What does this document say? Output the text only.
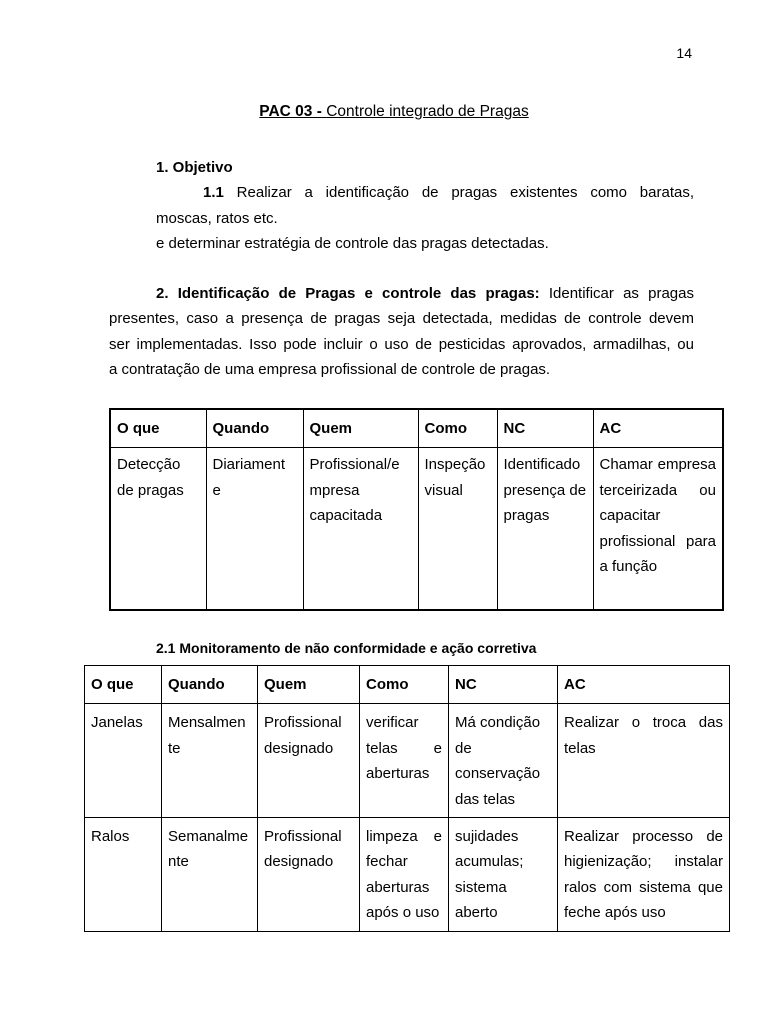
14
PAC 03 - Controle integrado de Pragas
1. Objetivo
1.1 Realizar a identificação de pragas existentes como baratas,
moscas, ratos etc.
e determinar estratégia de controle das pragas detectadas.
2. Identificação de Pragas e controle das pragas: Identificar as pragas
presentes, caso a presença de pragas seja detectada, medidas de controle devem
ser implementadas. Isso pode incluir o uso de pesticidas aprovados, armadilhas, ou
a contratação de uma empresa profissional de controle de pragas.
O que	Quando	Quem	Como	NC	AC
Detecção de pragas	Diariament e	Profissional/e mpresa capacitada	Inspeção visual	Identificado presença de pragas	Chamar empresa terceirizada ou capacitar profissional para a função
2.1 Monitoramento de não conformidade e ação corretiva
O que	Quando	Quem	Como	NC	AC
Janelas	Mensalmen te	Profissional designado	verificar telas e aberturas	Má condição de conservação das telas	Realizar o troca das telas
Ralos	Semanalme nte	Profissional designado	limpeza e fechar aberturas após o uso	sujidades acumulas; sistema aberto	Realizar processo de higienização; instalar ralos com sistema que feche após uso
